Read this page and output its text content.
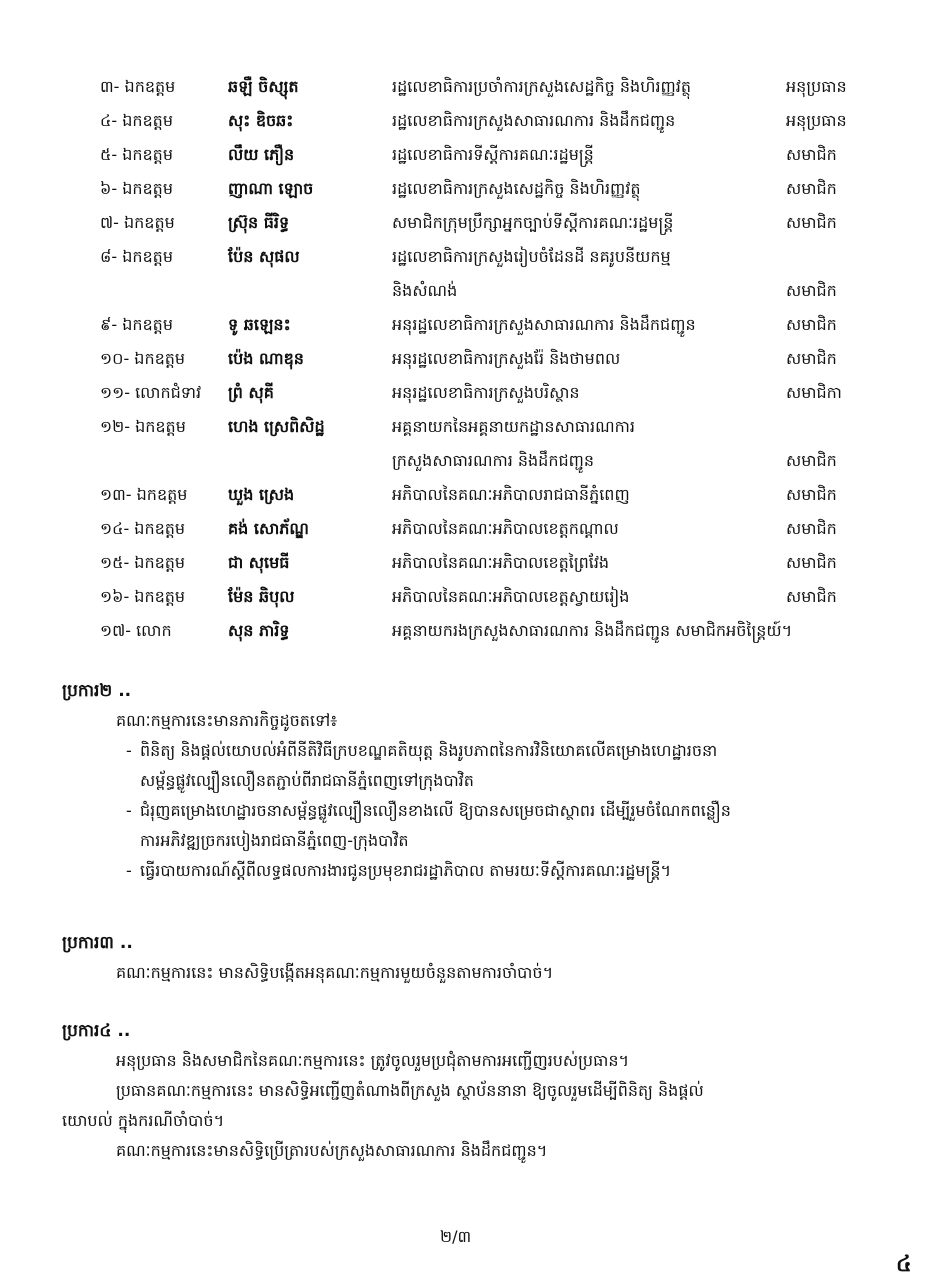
៣- ឯកឧត្តម	ឆឡឺ ចិស្សុត	រដ្ឋលេខាធិការប្រចាំការក្រសួងសេដ្ឋកិច្ច និងហិរញ្ញវត្ថុ	អនុប្រធាន
៤- ឯកឧត្តម	សុះ ឌិចឆះ	រដ្ឋលេខាធិការក្រសួងសាធារណការ និងដឹកជញ្ជូន	អនុប្រធាន
៥- ឯកឧត្តម	លឹយ ភឿន	រដ្ឋលេខាធិការទីស្តីការគណៈរដ្ឋមន្ត្រី	សមាជិក
៦- ឯកឧត្តម	ញាណា ឡោច	រដ្ឋលេខាធិការក្រសួងសេដ្ឋកិច្ច និងហិរញ្ញវត្ថុ	សមាជិក
៧- ឯកឧត្តម	ស្រ៊ុន ធីរិទ្ធ	សមាជិកក្រុមប្រឹក្សាអ្នកច្បាប់ទីស្តីការគណៈរដ្ឋមន្ត្រី	សមាជិក
៨- ឯកឧត្តម	ប៉ែន សុផល	រដ្ឋលេខាធិការក្រសួងរៀបចំដែនដី នគរូបនីយកម្ម
និងសំណង់	សមាជិក
៩- ឯកឧត្តម	ទូ ឆឡេនះ	អនុរដ្ឋលេខាធិការក្រសួងសាធារណការ និងដឹកជញ្ជូន	សមាជិក
១០- ឯកឧត្តម	ប៉េង ណាឌុន	អនុរដ្ឋលេខាធិការក្រសួងរ៉ែ និងថាមពល	សមាជិក
១១- លោកជំទាវ	ព្រំ សុគី	អនុរដ្ឋលេខាធិការក្រសួងបរិស្ថាន	សមាជិកា
១២- ឯកឧត្តម	ហេង ស្រេពិសិដ្ឋ	អគ្គនាយកនៃអគ្គនាយកដ្ឋានសាធារណការ
ក្រសួងសាធារណការ និងដឹកជញ្ជូន	សមាជិក
១៣- ឯកឧត្តម	ឃួង ស្រេង	អភិបាលនៃគណៈអភិបាលរាជធានីភ្នំពេញ	សមាជិក
១៤- ឯកឧត្តម	គង់ សោភ័ណ្ឌ	អភិបាលនៃគណៈអភិបាលខេត្តកណ្តាល	សមាជិក
១៥- ឯកឧត្តម	ជា សុមេធី	អភិបាលនៃគណៈអភិបាលខេត្តព្រៃវែង	សមាជិក
១៦- ឯកឧត្តម	ម៉ែន ឆិបុល	អភិបាលនៃគណៈអភិបាលខេត្តស្វាយរៀង	សមាជិក
១៧- លោក	សុន ភារិទ្ធ	អគ្គនាយករងក្រសួងសាធារណការ និងដឹកជញ្ជូន សមាជិកអចិន្ត្រៃយ៍។

ប្រការ២ ..

គណៈកម្មការនេះមានភារកិច្ចដូចតទៅ៖

- ពិនិត្យ និងផ្តល់យោបល់អំពីនីតិវិធីក្របខណ្ឌគតិយុត្ត និងរូបភាពនៃការវិនិយោគលើគម្រោងហេដ្ឋារចនា
សម្ព័ន្ធផ្លូវល្បឿនលឿនតភ្ជាប់ពីរាជធានីភ្នំពេញទៅក្រុងបាវិត

- ជំរុញគម្រោងហេដ្ឋារចនាសម្ព័ន្ធផ្លូវល្បឿនលឿនខាងលើ ឱ្យបានសម្រេចជាស្ថាពរ ដើម្បីរួមចំណែកពន្លឿន
ការអភិវឌ្ឍច្រករបៀងរាជធានីភ្នំពេញ-ក្រុងបាវិត

- ធ្វើរបាយការណ៍ស្តីពីលទ្ធផលការងារជូនប្រមុខរាជរដ្ឋាភិបាល តាមរយៈទីស្តីការគណៈរដ្ឋមន្ត្រី។

ប្រការ៣ ..

គណៈកម្មការនេះ មានសិទ្ធិបង្កើតអនុគណៈកម្មការមួយចំនួនតាមការចាំបាច់។

ប្រការ៤ ..

អនុប្រធាន និងសមាជិកនៃគណៈកម្មការនេះ ត្រូវចូលរួមប្រជុំតាមការអញ្ជើញរបស់ប្រធាន។

ប្រធានគណៈកម្មការនេះ មានសិទ្ធិអញ្ជើញតំណាងពីក្រសួង ស្ថាប័ននានា ឱ្យចូលរួមដើម្បីពិនិត្យ និងផ្តល់

យោបល់ ក្នុងករណីចាំបាច់។

គណៈកម្មការនេះមានសិទ្ធិប្រើត្រារបស់ក្រសួងសាធារណការ និងដឹកជញ្ជូន។

២/៣
៤
